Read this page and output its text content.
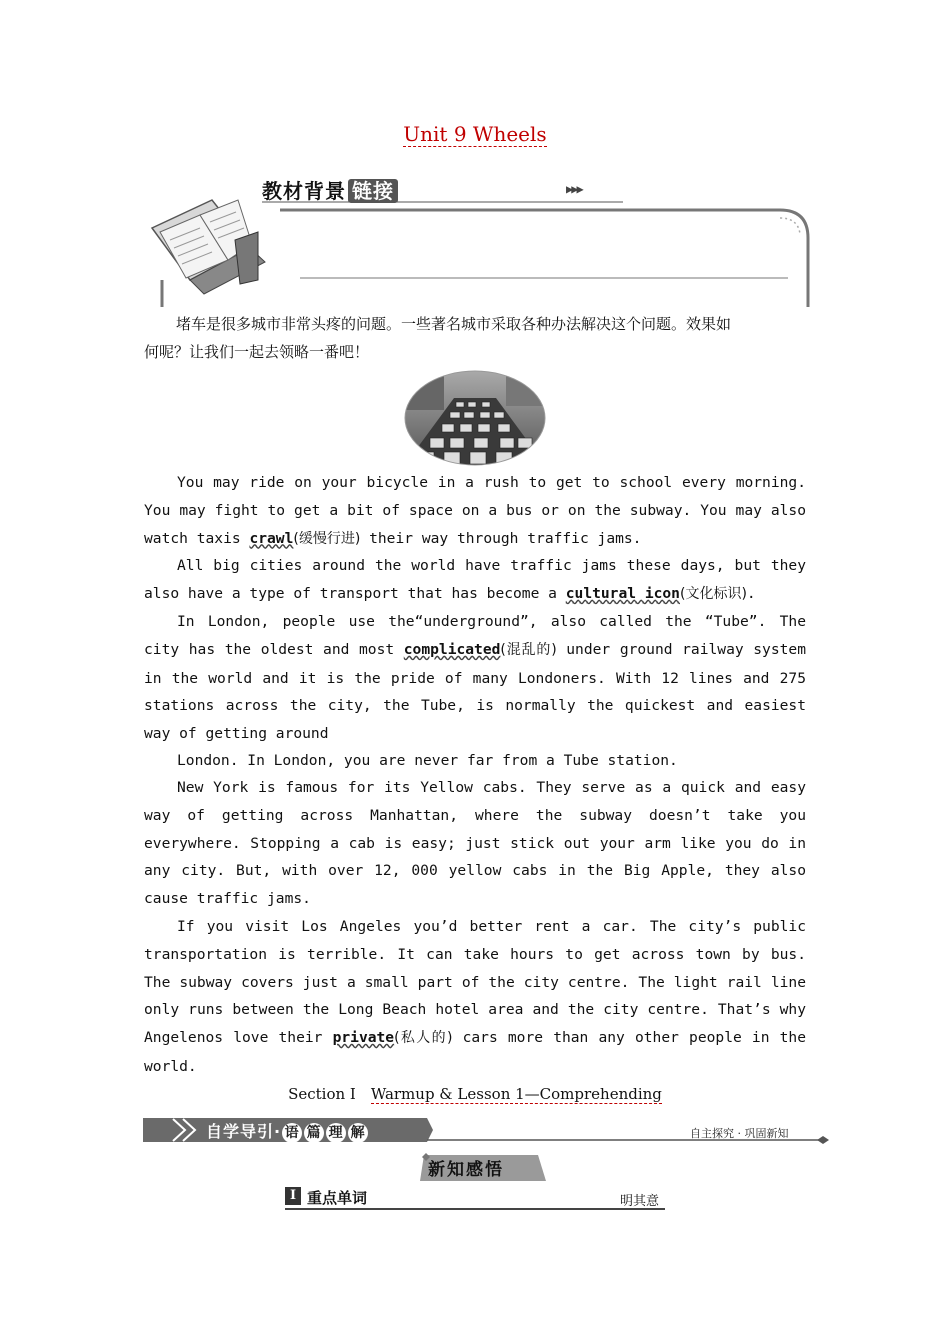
Unit 9 Wheels
教材背景 链接	▶▶▶
堵车是很多城市非常头疼的问题。一些著名城市采取各种办法解决这个问题。效果如
何呢？让我们一起去领略一番吧！
You may ride on your bicycle in a rush to get to school every morning. You may fight to get a bit of space on a bus or on the subway. You may also watch taxis crawl(缓慢行进) their way through traffic jams.
All big cities around the world have traffic jams these days, but they also have a type of transport that has become a cultural icon(文化标识).
In London, people use the“underground”, also called the “Tube”. The city has the oldest and most complicated(混乱的) under ground railway system in the world and it is the pride of many Londoners. With 12 lines and 275 stations across the city, the Tube, is normally the quickest and easiest way of getting around
London. In London, you are never far from a Tube station.
New York is famous for its Yellow cabs. They serve as a quick and easy way of getting across Manhattan, where the subway doesn’t take you everywhere. Stopping a cab is easy; just stick out your arm like you do in any city. But, with over 12, 000 yellow cabs in the Big Apple, they also cause traffic jams.
If you visit Los Angeles you’d better rent a car. The city’s public transportation is terrible. It can take hours to get across town by bus. The subway covers just a small part of the city centre. The light rail line only runs between the Long Beach hotel area and the city centre. That’s why Angelenos love their private(私人的) cars more than any other people in the world.
Section Ⅰ　Warmup & Lesson 1—Comprehending
自学导引· 语 篇 理 解	自主探究 · 巩固新知
新知感悟
Ⅰ 重点单词	明其意
